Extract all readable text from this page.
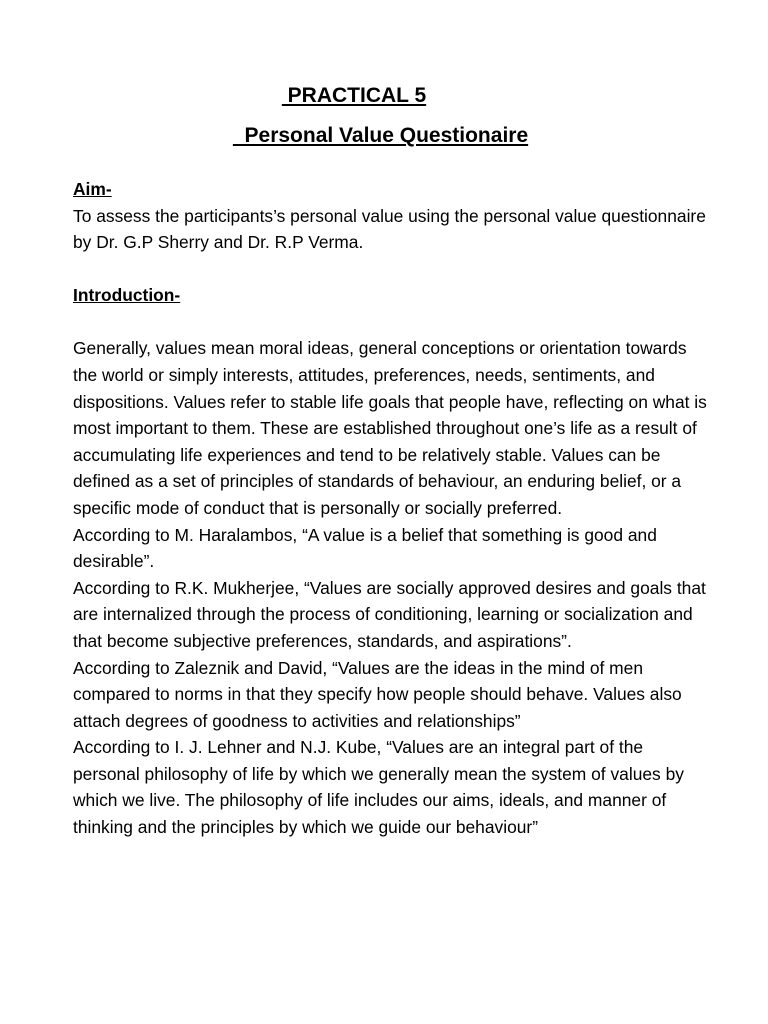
PRACTICAL 5
Personal Value Questionaire

Aim-

To assess the participants’s personal value using the personal value questionnaire by Dr. G.P Sherry and Dr. R.P Verma.

Introduction-

Generally, values mean moral ideas, general conceptions or orientation towards the world or simply interests, attitudes, preferences, needs, sentiments, and dispositions. Values refer to stable life goals that people have, reflecting on what is most important to them. These are established throughout one’s life as a result of accumulating life experiences and tend to be relatively stable. Values can be defined as a set of principles of standards of behaviour, an enduring belief, or a specific mode of conduct that is personally or socially preferred.

According to M. Haralambos, “A value is a belief that something is good and desirable”.

According to R.K. Mukherjee, “Values are socially approved desires and goals that are internalized through the process of conditioning, learning or socialization and that become subjective preferences, standards, and aspirations”.

According to Zaleznik and David, “Values are the ideas in the mind of men compared to norms in that they specify how people should behave. Values also attach degrees of goodness to activities and relationships”

According to I. J. Lehner and N.J. Kube, “Values are an integral part of the personal philosophy of life by which we generally mean the system of values by which we live. The philosophy of life includes our aims, ideals, and manner of thinking and the principles by which we guide our behaviour”
